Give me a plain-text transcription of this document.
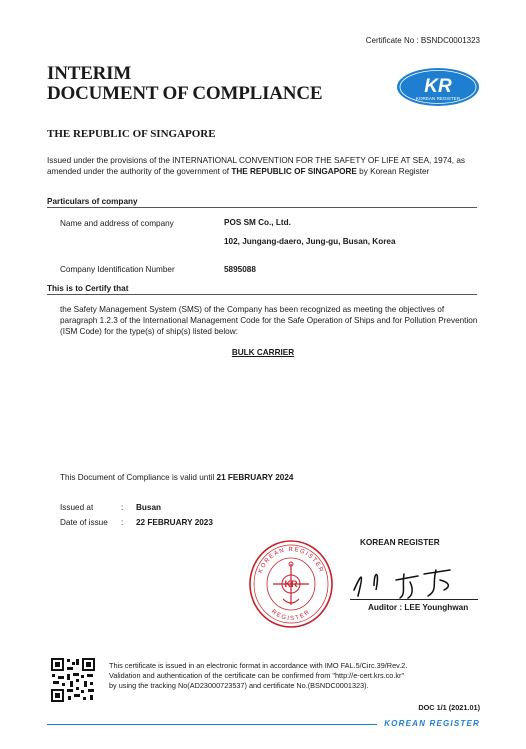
Certificate No : BSNDC0001323
INTERIM
DOCUMENT OF COMPLIANCE	KR
KOREAN REGISTER
THE REPUBLIC OF SINGAPORE
Issued under the provisions of the INTERNATIONAL CONVENTION FOR THE SAFETY OF LIFE AT SEA, 1974, as amended under the authority of the government of THE REPUBLIC OF SINGAPORE by Korean Register
Particulars of company
Name and address of company	POS SM Co., Ltd.
102, Jungang-daero, Jung-gu, Busan, Korea
Company Identification Number	5895088
This is to Certify that
the Safety Management System (SMS) of the Company has been recognized as meeting the objectives of paragraph 1.2.3 of the International Management Code for the Safe Operation of Ships and for Pollution Prevention (ISM Code) for the type(s) of ship(s) listed below:
BULK CARRIER
This Document of Compliance is valid until 21 FEBRUARY 2024
Issued at	: Busan
Date of issue : 22 FEBRUARY 2023
KOREAN REGISTER
REGISTER
KR
KOREAN REGISTER
Auditor : LEE Younghwan
This certificate is issued in an electronic format in accordance with IMO FAL.5/Circ.39/Rev.2.
Validation and authentication of the certificate can be confirmed from "http://e-cert.krs.co.kr"
by using the tracking No(AD23000723537) and certificate No.(BSNDC0001323).
DOC 1/1 (2021.01)
KOREAN REGISTER
